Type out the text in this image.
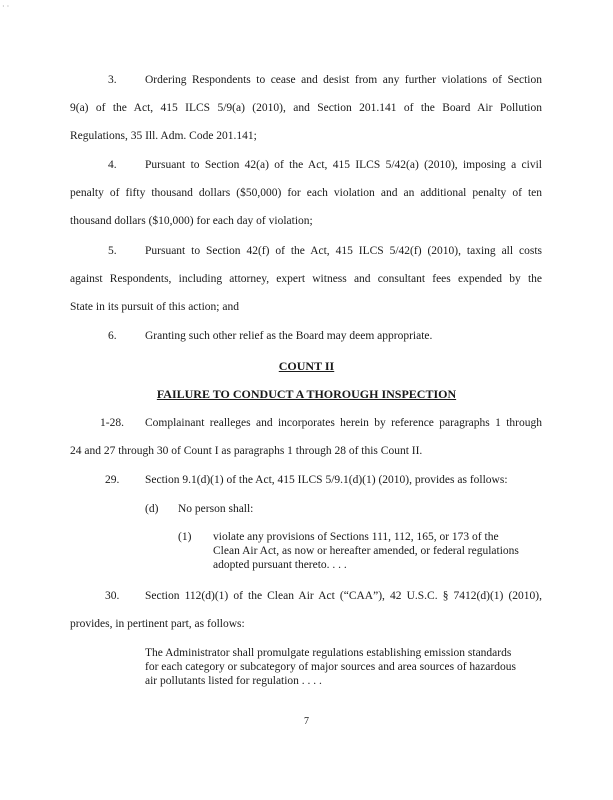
· ·
3. Ordering Respondents to cease and desist from any further violations of Section
9(a) of the Act, 415 ILCS 5/9(a) (2010), and Section 201.141 of the Board Air Pollution
Regulations, 35 Ill. Adm. Code 201.141;
4. Pursuant to Section 42(a) of the Act, 415 ILCS 5/42(a) (2010), imposing a civil
penalty of fifty thousand dollars ($50,000) for each violation and an additional penalty of ten
thousand dollars ($10,000) for each day of violation;
5. Pursuant to Section 42(f) of the Act, 415 ILCS 5/42(f) (2010), taxing all costs
against Respondents, including attorney, expert witness and consultant fees expended by the
State in its pursuit of this action; and
6. Granting such other relief as the Board may deem appropriate.
COUNT II
FAILURE TO CONDUCT A THOROUGH INSPECTION
1-28. Complainant realleges and incorporates herein by reference paragraphs 1 through
24 and 27 through 30 of Count I as paragraphs 1 through 28 of this Count II.
29. Section 9.1(d)(1) of the Act, 415 ILCS 5/9.1(d)(1) (2010), provides as follows:
(d) No person shall:
(1) violate any provisions of Sections 111, 112, 165, or 173 of the
Clean Air Act, as now or hereafter amended, or federal regulations
adopted pursuant thereto. . . .
30. Section 112(d)(1) of the Clean Air Act (“CAA”), 42 U.S.C. § 7412(d)(1) (2010),
provides, in pertinent part, as follows:
The Administrator shall promulgate regulations establishing emission standards
for each category or subcategory of major sources and area sources of hazardous
air pollutants listed for regulation . . . .
7
